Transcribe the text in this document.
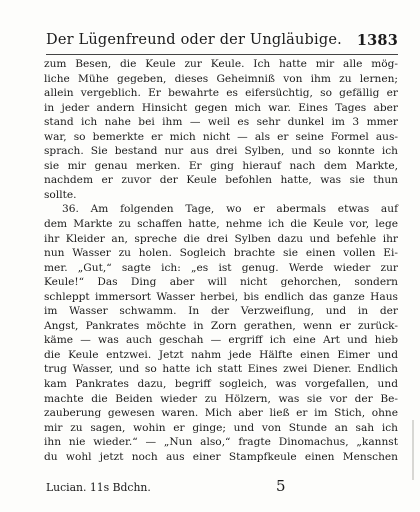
Der Lügenfreund oder der Ungläubige. 1383
zum Besen, die Keule zur Keule. Ich hatte mir alle mög-
liche Mühe gegeben, dieses Geheimniß von ihm zu lernen;
allein vergeblich. Er bewahrte es eifersüchtig, so gefällig er
in jeder andern Hinsicht gegen mich war. Eines Tages aber
stand ich nahe bei ihm — weil es sehr dunkel im 3 mmer
war, so bemerkte er mich nicht — als er seine Formel aus-
sprach. Sie bestand nur aus drei Sylben, und so konnte ich
sie mir genau merken. Er ging hierauf nach dem Markte,
nachdem er zuvor der Keule befohlen hatte, was sie thun
sollte.
36. Am folgenden Tage, wo er abermals etwas auf
dem Markte zu schaffen hatte, nehme ich die Keule vor, lege
ihr Kleider an, spreche die drei Sylben dazu und befehle ihr
nun Wasser zu holen. Sogleich brachte sie einen vollen Ei-
mer. „Gut,“ sagte ich: „es ist genug. Werde wieder zur
Keule!“ Das Ding aber will nicht gehorchen, sondern
schleppt immersort Wasser herbei, bis endlich das ganze Haus
im Wasser schwamm. In der Verzweiflung, und in der
Angst, Pankrates möchte in Zorn gerathen, wenn er zurück-
käme — was auch geschah — ergriff ich eine Art und hieb
die Keule entzwei. Jetzt nahm jede Hälfte einen Eimer und
trug Wasser, und so hatte ich statt Eines zwei Diener. Endlich
kam Pankrates dazu, begriff sogleich, was vorgefallen, und
machte die Beiden wieder zu Hölzern, was sie vor der Be-
zauberung gewesen waren. Mich aber ließ er im Stich, ohne
mir zu sagen, wohin er ginge; und von Stunde an sah ich
ihn nie wieder.“ — „Nun also,“ fragte Dinomachus, „kannst
du wohl jetzt noch aus einer Stampfkeule einen Menschen
Lucian. 11s Bdchn.	5
